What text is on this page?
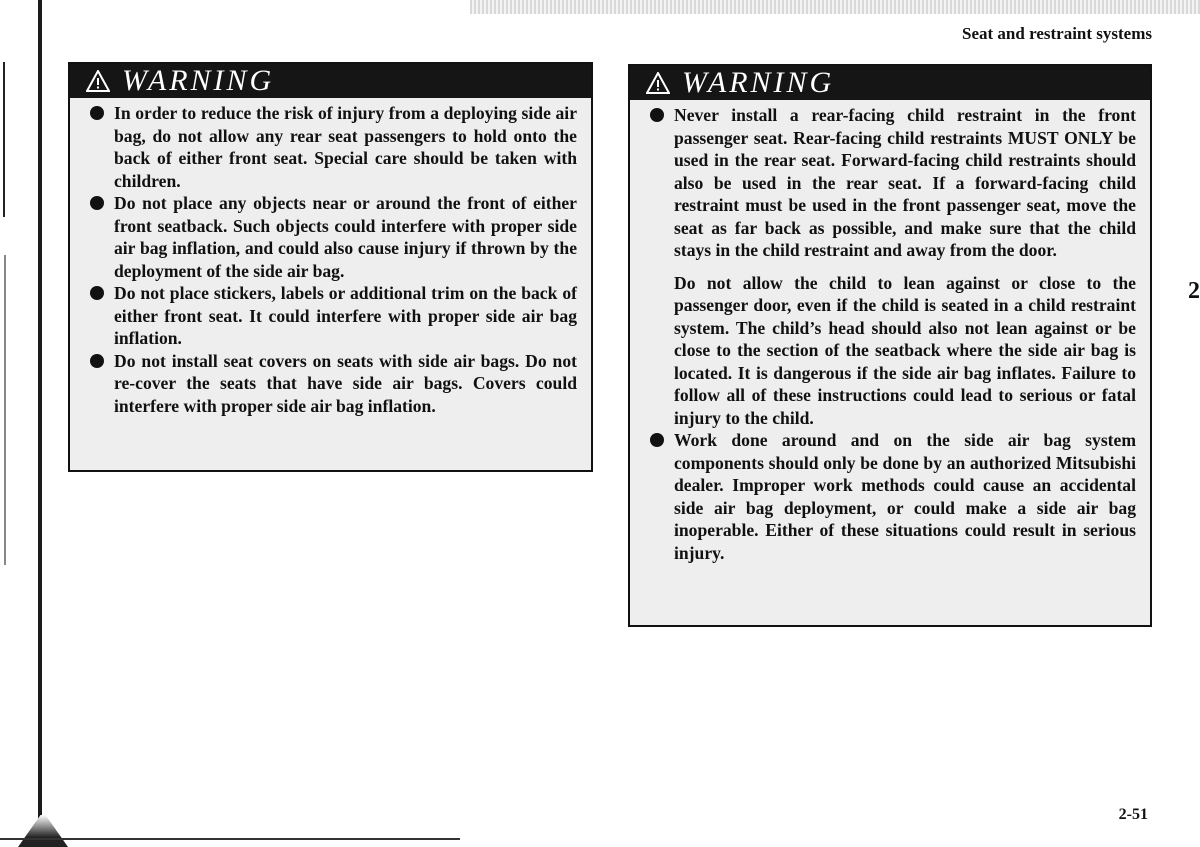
Seat and restraint systems
2
2-51
WARNING
In order to reduce the risk of injury from a deploying side air bag, do not allow any rear seat passengers to hold onto the back of either front seat. Special care should be taken with children.
Do not place any objects near or around the front of either front seatback. Such objects could interfere with proper side air bag inflation, and could also cause injury if thrown by the deployment of the side air bag.
Do not place stickers, labels or additional trim on the back of either front seat. It could interfere with proper side air bag inflation.
Do not install seat covers on seats with side air bags. Do not re-cover the seats that have side air bags. Covers could interfere with proper side air bag inflation.
WARNING
Never install a rear-facing child restraint in the front passenger seat. Rear-facing child restraints MUST ONLY be used in the rear seat. Forward-facing child restraints should also be used in the rear seat. If a forward-facing child restraint must be used in the front passenger seat, move the seat as far back as possible, and make sure that the child stays in the child restraint and away from the door.
Do not allow the child to lean against or close to the passenger door, even if the child is seated in a child restraint system. The child’s head should also not lean against or be close to the section of the seatback where the side air bag is located. It is dangerous if the side air bag inflates. Failure to follow all of these instructions could lead to serious or fatal injury to the child.
Work done around and on the side air bag system components should only be done by an authorized Mitsubishi dealer. Improper work methods could cause an accidental side air bag deployment, or could make a side air bag inoperable. Either of these situations could result in serious injury.
